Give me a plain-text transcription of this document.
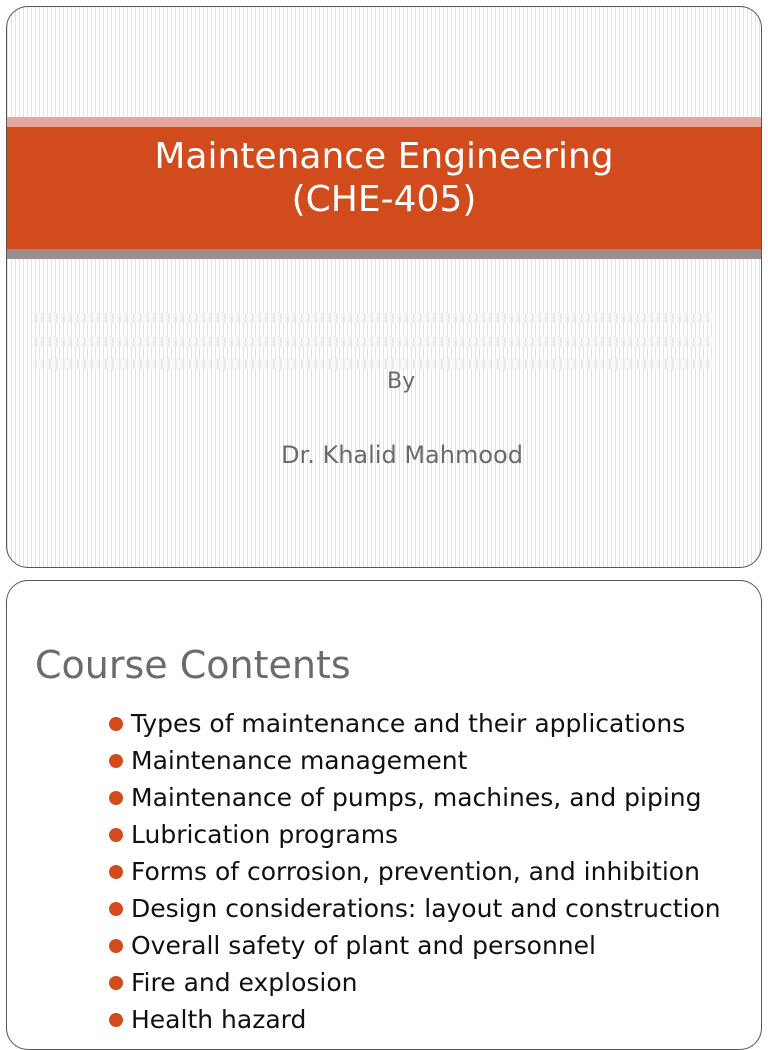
Maintenance Engineering
(CHE-405)
By
Dr. Khalid Mahmood
Course Contents
Types of maintenance and their applications
Maintenance management
Maintenance of pumps, machines, and piping
Lubrication programs
Forms of corrosion, prevention, and inhibition
Design considerations: layout and construction
Overall safety of plant and personnel
Fire and explosion
Health hazard
